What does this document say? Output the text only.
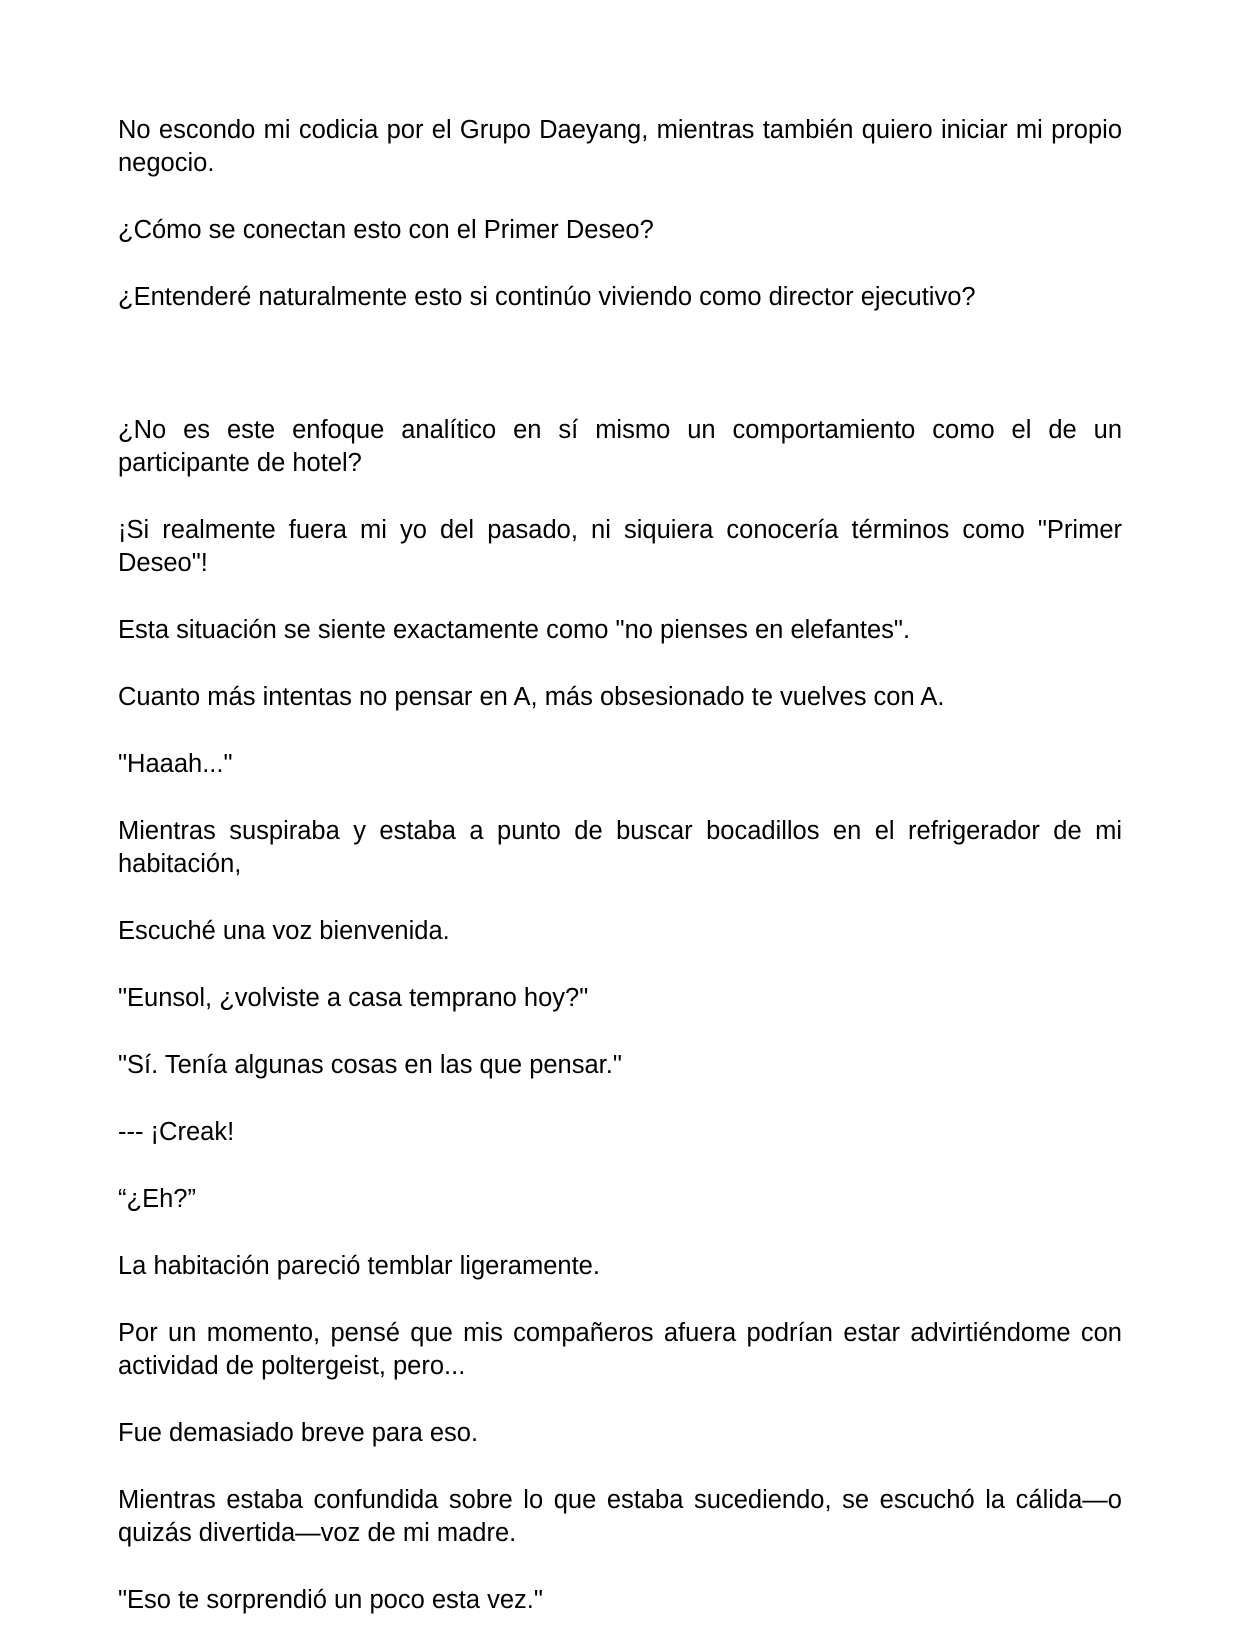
No escondo mi codicia por el Grupo Daeyang, mientras también quiero iniciar mi propio negocio.

¿Cómo se conectan esto con el Primer Deseo?

¿Entenderé naturalmente esto si continúo viviendo como director ejecutivo?

¿No es este enfoque analítico en sí mismo un comportamiento como el de un participante de hotel?

¡Si realmente fuera mi yo del pasado, ni siquiera conocería términos como "Primer Deseo"!

Esta situación se siente exactamente como "no pienses en elefantes".

Cuanto más intentas no pensar en A, más obsesionado te vuelves con A.

"Haaah..."

Mientras suspiraba y estaba a punto de buscar bocadillos en el refrigerador de mi habitación,

Escuché una voz bienvenida.

"Eunsol, ¿volviste a casa temprano hoy?"

"Sí. Tenía algunas cosas en las que pensar."

--- ¡Creak!

“¿Eh?”

La habitación pareció temblar ligeramente.

Por un momento, pensé que mis compañeros afuera podrían estar advirtiéndome con actividad de poltergeist, pero...

Fue demasiado breve para eso.

Mientras estaba confundida sobre lo que estaba sucediendo, se escuchó la cálida—o quizás divertida—voz de mi madre.

"Eso te sorprendió un poco esta vez."
